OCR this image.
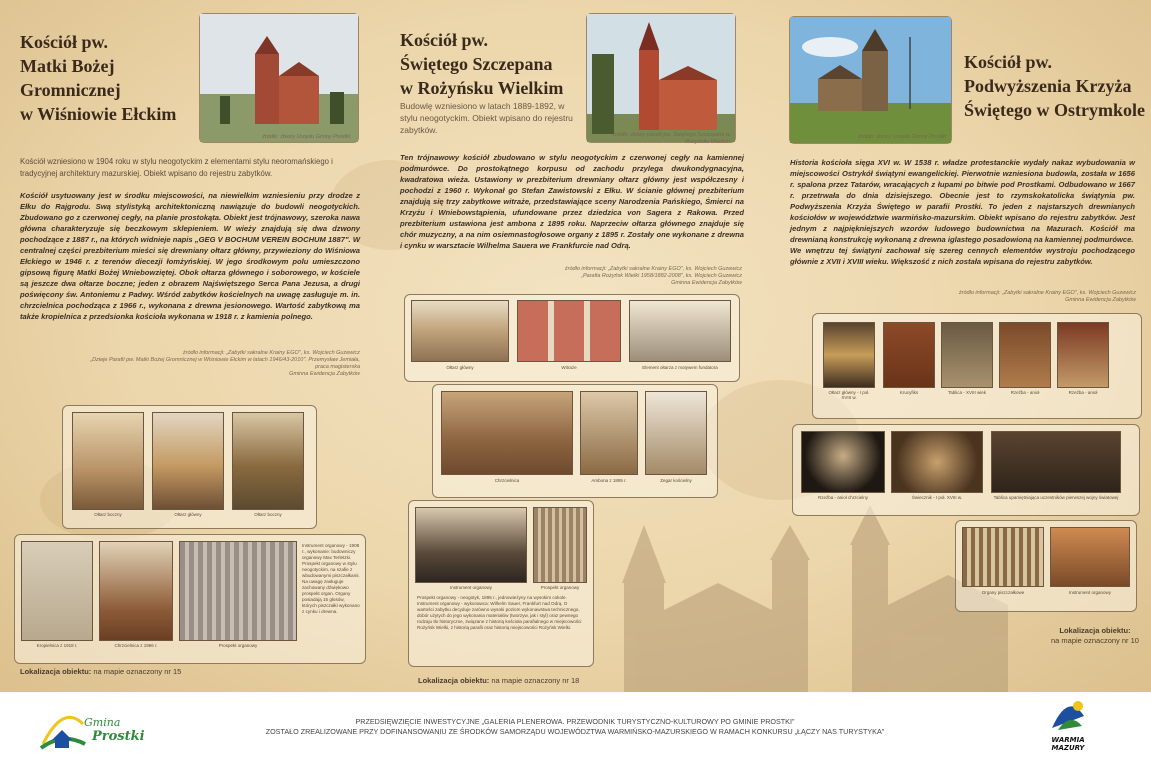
Kościół pw.
Matki Bożej
Gromnicznej
w Wiśniowie Ełckim
źródło: zbiory Urzędu Gminy Prostki
Kościół wzniesiono w 1904 roku w stylu neogotyckim z elementami stylu neoromańskiego i tradycyjnej architektury mazurskiej. Obiekt wpisano do rejestru zabytków.
Kościół usytuowany jest w środku miejscowości, na niewielkim wzniesieniu przy drodze z Ełku do Rajgrodu. Swą stylistyką architektoniczną nawiązuje do budowli neogotyckich. Zbudowano go z czerwonej cegły, na planie prostokąta. Obiekt jest trójnawowy, szeroka nawa główna charakteryzuje się beczkowym sklepieniem. W wieży znajdują się dwa dzwony pochodzące z 1887 r., na których widnieje napis „GEG V BOCHUM VEREIN BOCHUM 1887". W centralnej części prezbiterium mieści się drewniany ołtarz główny, przywieziony do Wiśniowa Ełckiego w 1946 r. z terenów diecezji łomżyńskiej. W jego środkowym polu umieszczono gipsową figurę Matki Bożej Wniebowziętej. Obok ołtarza głównego i soborowego, w kościele są jeszcze dwa ołtarze boczne; jeden z obrazem Najświętszego Serca Pana Jezusa, a drugi poświęcony św. Antoniemu z Padwy. Wśród zabytków kościelnych na uwagę zasługuje m. in. chrzcielnica pochodząca z 1966 r., wykonana z drewna jesionowego. Wartość zabytkową ma także kropielnica z przedsionka kościoła wykonana w 1918 r. z kamienia polnego.
źródło informacji: „Zabytki sakralne Krainy EGO", ks. Wojciech Guzewicz
„Dzieje Parafii pw. Matki Bożej Gromnicznej w Wiśniowie Ełckim w latach 1946/43-2010". Przemysław Jemiała, praca magisterska
Gminna Ewidencja Zabytków
Ołtarz boczny	Ołtarz główny	Ołtarz boczny
Kropielnica z 1918 r.	Chrzcielnica z 1966 r.	Prospekt organowy
Instrument organowy - 1908 r., wykonanie: budowniczy organowy Max Terletzki. Prospekt organowy w stylu neogotyckim, na szafie z wbudowanymi piszczałkami. Na uwagę zasługuje zachowany dźwiękowo prospekt organ. Organy posiadają 15 głosów, których piszczałki wykonano z cynku i drewna.
Lokalizacja obiektu: na mapie oznaczony nr 15
Kościół pw.
Świętego Szczepana
w Rożyńsku Wielkim
Budowlę wzniesiono w latach 1889-1892, w stylu neogotyckim. Obiekt wpisano do rejestru zabytków.	źródło: zbiory parafii pw. Świętego Szczepana w Rożyńsku Wielkim
Ten trójnawowy kościół zbudowano w stylu neogotyckim z czerwonej cegły na kamiennej podmurówce. Do prostokątnego korpusu od zachodu przylega dwukondygnacyjna, kwadratowa wieża. Ustawiony w prezbiterium drewniany ołtarz główny jest współczesny i pochodzi z 1960 r. Wykonał go Stefan Zawistowski z Ełku. W ścianie głównej prezbiterium znajdują się trzy zabytkowe witraże, przedstawiające sceny Narodzenia Pańskiego, Śmierci na Krzyżu i Wniebowstąpienia, ufundowane przez dziedzica von Sagera z Rakowa. Przed prezbiterium ustawiona jest ambona z 1895 roku. Naprzeciw ołtarza głównego znajduje się chór muzyczny, a na nim osiemnastogłosowe organy z 1895 r. Zostały one wykonane z drewna i cynku w warsztacie Wilhelma Sauera we Frankfurcie nad Odrą.
źródło informacji: „Zabytki sakralne Krainy EGO", ks. Wojciech Guzewicz
„Parafia Rożyńsk Wielki 1958/1882-2008", ks. Wojciech Guzewicz
Gminna Ewidencja Zabytków
Ołtarz główny	Witraże	Element ołtarza z motywem fundatora
Chrzcielnica	Ambona z 1895 r.	Zegar kościelny
Instrument organowy	Prospekt organowy
Prospekt organowy - neogotyk, 1895 r., jednowieżyny na wysokim cokole. Instrument organowy - wykonawca: Wilhelm Sauer, Frankfurt nad Odrą. O wartości zabytku decyduje zarówno wysoki poziom wykonawstwa technicznego, dobór użytych do jego wykonania materiałów (tworzyw, jak i styl) oraz pewnego rodzaju tło historyczne, związane z historią kościoła parafialnego w miejscowości Rożyńsk Wielki, z historią parafii oraz historią miejscowości Rożyńsk Wielki.
Lokalizacja obiektu: na mapie oznaczony nr 18
źródło: zbiory Urzędu Gminy Prostki
Kościół pw.
Podwyższenia Krzyża
Świętego w Ostrymkole
Historia kościoła sięga XVI w. W 1538 r. władze protestanckie wydały nakaz wybudowania w miejscowości Ostrykół świątyni ewangelickiej. Pierwotnie wzniesiona budowla, została w 1656 r. spalona przez Tatarów, wracających z łupami po bitwie pod Prostkami. Odbudowano w 1667 r. przetrwała do dnia dzisiejszego. Obecnie jest to rzymskokatolicka świątynia pw. Podwyższenia Krzyża Świętego w parafii Prostki. To jeden z najstarszych drewnianych kościołów w województwie warmińsko-mazurskim. Obiekt wpisano do rejestru zabytków. Jest jednym z najpiękniejszych wzorów ludowego budownictwa na Mazurach. Kościół ma drewnianą konstrukcję wykonaną z drewna iglastego posadowioną na kamiennej podmurówce.
We wnętrzu tej świątyni zachował się szereg cennych elementów wystroju pochodzącego głównie z XVII i XVIII wieku. Większość z nich została wpisana do rejestru zabytków.
źródło informacji: „Zabytki sakralne Krainy EGO", ks. Wojciech Guzewicz
Gminna Ewidencja Zabytków
Ołtarz główny - I poł. XVIII w.
Krucyfiks	Tablica - XVIII wiek	Rzeźba - anioł	Rzeźba - anioł
Rzeźba - anioł chrzcielny	Świecznik - I poł. XVIII w.	Tablica upamiętniająca uczestników pierwszej wojny światowej
Organy piszczałkowe	Instrument organowy
Lokalizacja obiektu:
na mapie oznaczony nr 10
Gmina
Prostki
PRZEDSIĘWZIĘCIE INWESTYCYJNE „GALERIA PLENEROWA. PRZEWODNIK TURYSTYCZNO-KULTUROWY PO GMINIE PROSTKI"
ZOSTAŁO ZREALIZOWANE PRZY DOFINANSOWANIU ZE ŚRODKÓW SAMORZĄDU WOJEWÓDZTWA WARMIŃSKO-MAZURSKIEGO W RAMACH KONKURSU „ŁĄCZY NAS TURYSTYKA"
WARMIA MAZURY
